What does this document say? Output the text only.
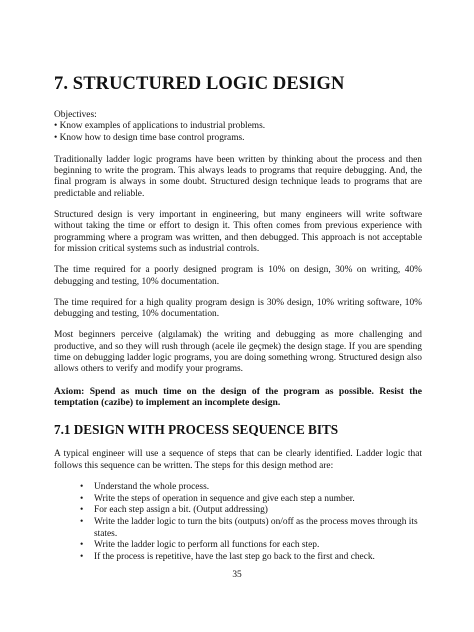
7. STRUCTURED LOGIC DESIGN

Objectives:
• Know examples of applications to industrial problems.
• Know how to design time base control programs.

Traditionally ladder logic programs have been written by thinking about the process and then beginning to write the program. This always leads to programs that require debugging. And, the final program is always in some doubt. Structured design technique leads to programs that are predictable and reliable.

Structured design is very important in engineering, but many engineers will write software without taking the time or effort to design it. This often comes from previous experience with programming where a program was written, and then debugged. This approach is not acceptable for mission critical systems such as industrial controls.

The time required for a poorly designed program is 10% on design, 30% on writing, 40% debugging and testing, 10% documentation.

The time required for a high quality program design is 30% design, 10% writing software, 10% debugging and testing, 10% documentation.

Most beginners perceive (algılamak) the writing and debugging as more challenging and productive, and so they will rush through (acele ile geçmek) the design stage. If you are spending time on debugging ladder logic programs, you are doing something wrong. Structured design also allows others to verify and modify your programs.

Axiom: Spend as much time on the design of the program as possible. Resist the temptation (cazibe) to implement an incomplete design.

7.1 DESIGN WITH PROCESS SEQUENCE BITS

A typical engineer will use a sequence of steps that can be clearly identified. Ladder logic that follows this sequence can be written. The steps for this design method are:

• Understand the whole process.
• Write the steps of operation in sequence and give each step a number.
• For each step assign a bit. (Output addressing)
• Write the ladder logic to turn the bits (outputs) on/off as the process moves through its states.
• Write the ladder logic to perform all functions for each step.
• If the process is repetitive, have the last step go back to the first and check.
35
